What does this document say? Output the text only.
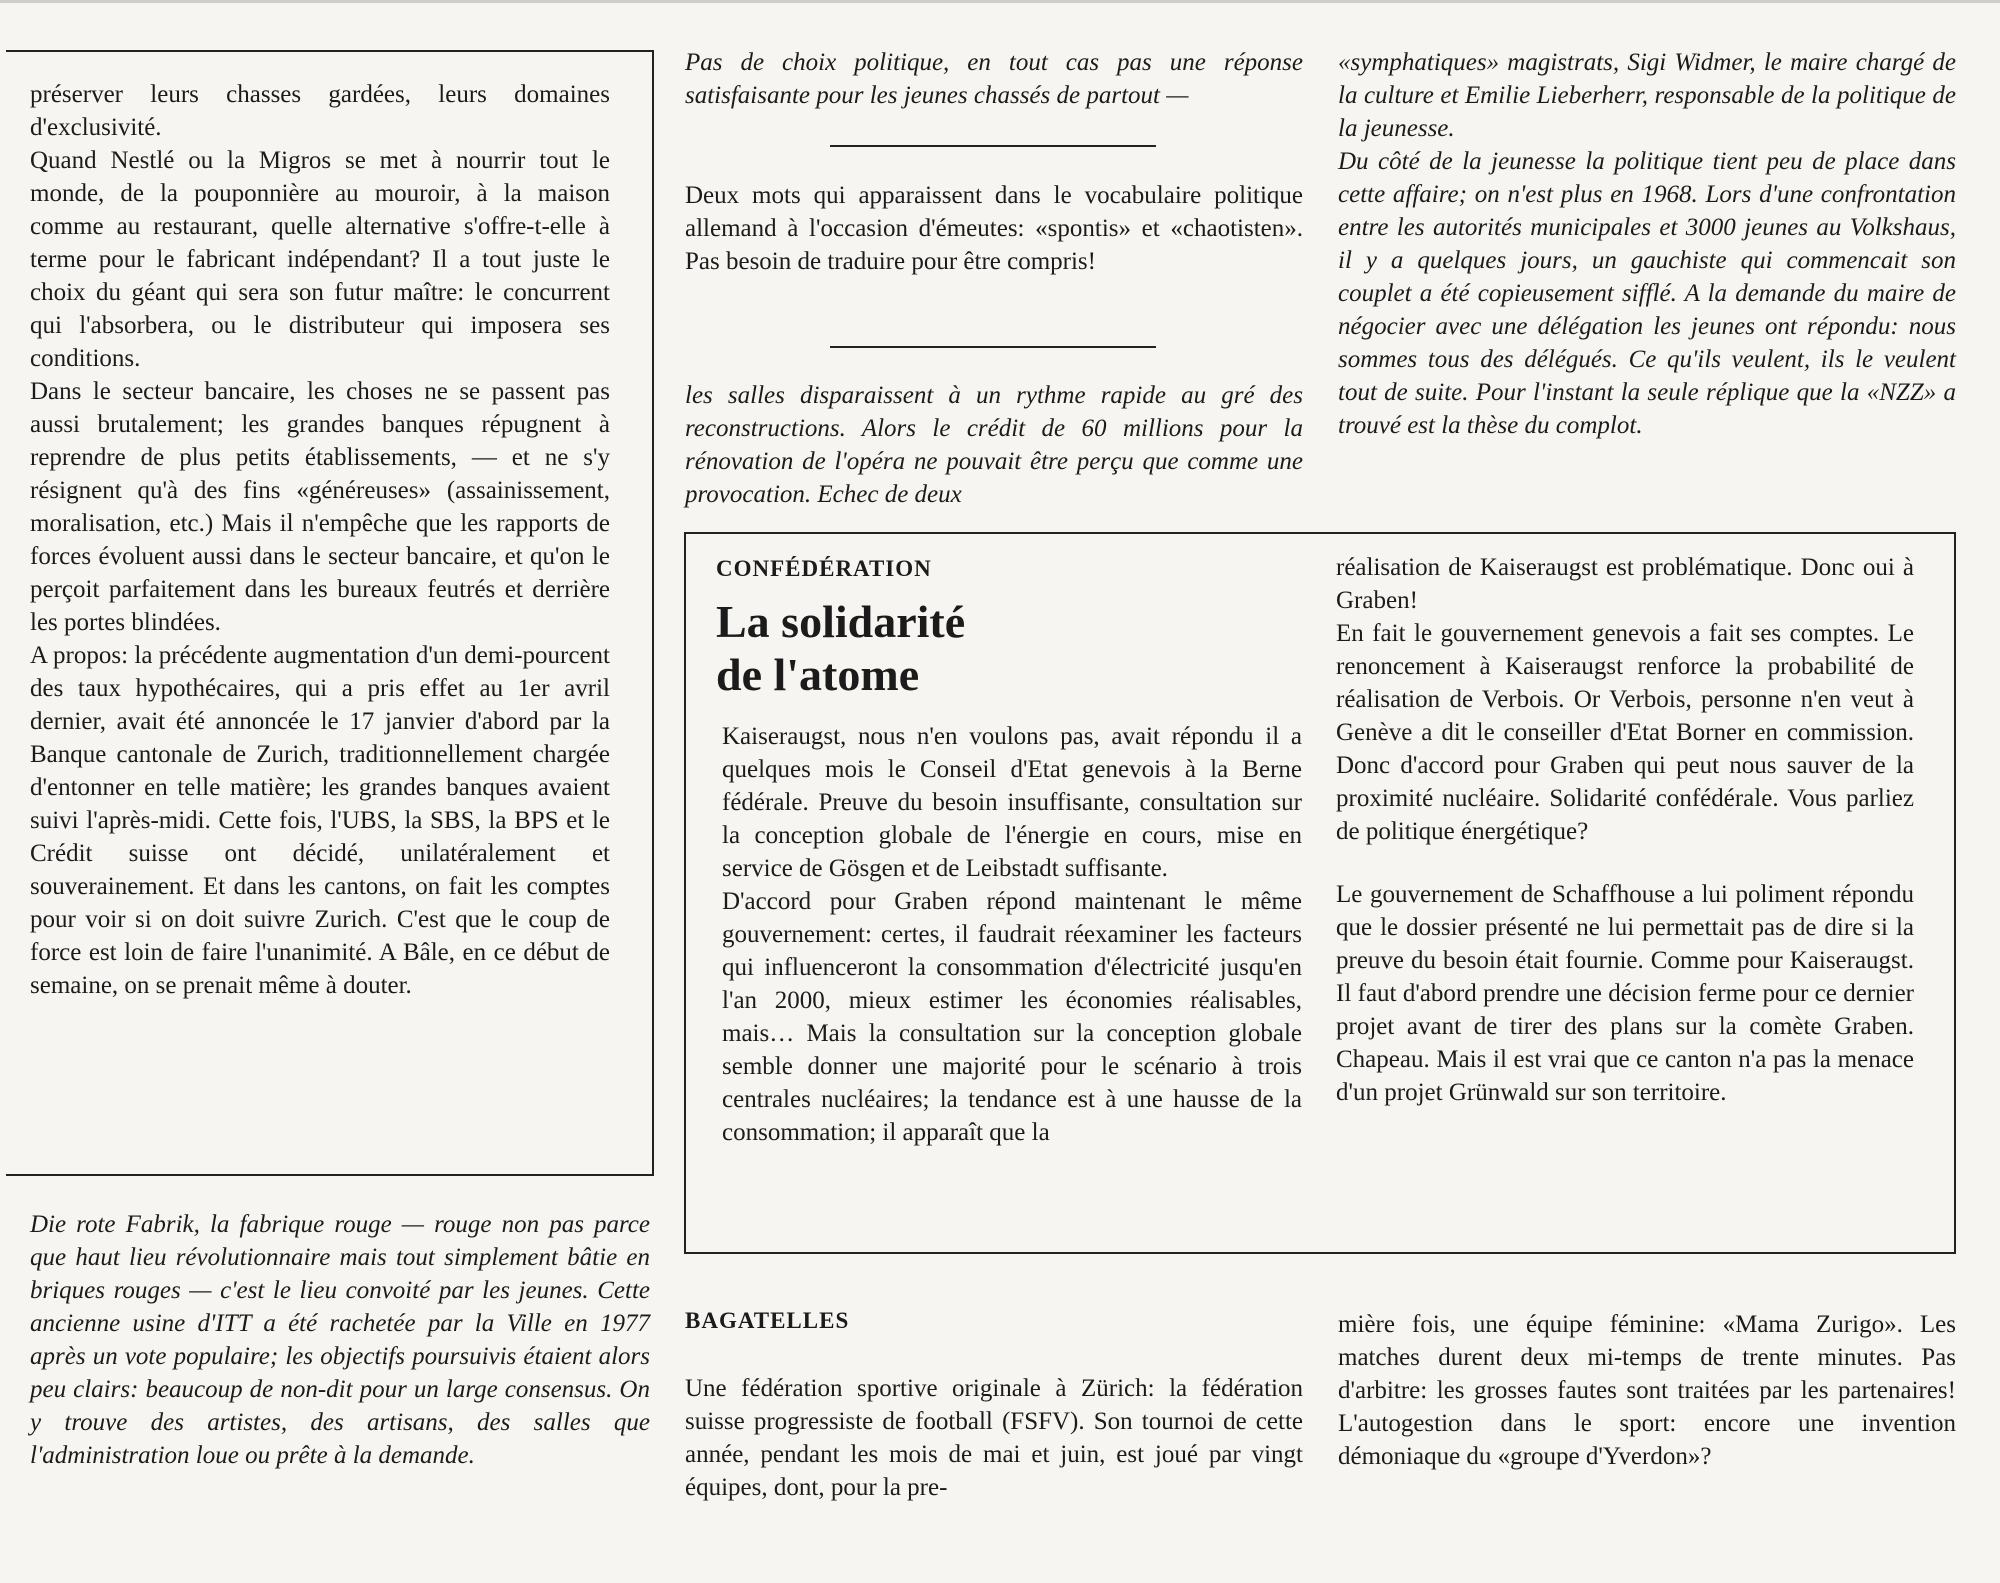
préserver leurs chasses gardées, leurs domaines d'exclusivité.

Quand Nestlé ou la Migros se met à nourrir tout le monde, de la pouponnière au mouroir, à la maison comme au restaurant, quelle alternative s'offre-t-elle à terme pour le fabricant indépendant? Il a tout juste le choix du géant qui sera son futur maître: le concurrent qui l'absorbera, ou le distributeur qui imposera ses conditions.

Dans le secteur bancaire, les choses ne se passent pas aussi brutalement; les grandes banques répugnent à reprendre de plus petits établissements, — et ne s'y résignent qu'à des fins «généreuses» (assainissement, moralisation, etc.) Mais il n'empêche que les rapports de forces évoluent aussi dans le secteur bancaire, et qu'on le perçoit parfaitement dans les bureaux feutrés et derrière les portes blindées.

A propos: la précédente augmentation d'un demi-pourcent des taux hypothécaires, qui a pris effet au 1er avril dernier, avait été annoncée le 17 janvier d'abord par la Banque cantonale de Zurich, traditionnellement chargée d'entonner en telle matière; les grandes banques avaient suivi l'après-midi. Cette fois, l'UBS, la SBS, la BPS et le Crédit suisse ont décidé, unilatéralement et souverainement. Et dans les cantons, on fait les comptes pour voir si on doit suivre Zurich. C'est que le coup de force est loin de faire l'unanimité. A Bâle, en ce début de semaine, on se prenait même à douter.

Die rote Fabrik, la fabrique rouge — rouge non pas parce que haut lieu révolutionnaire mais tout simplement bâtie en briques rouges — c'est le lieu convoité par les jeunes. Cette ancienne usine d'ITT a été rachetée par la Ville en 1977 après un vote populaire; les objectifs poursuivis étaient alors peu clairs: beaucoup de non-dit pour un large consensus. On y trouve des artistes, des artisans, des salles que l'administration loue ou prête à la demande.

Pas de choix politique, en tout cas pas une réponse satisfaisante pour les jeunes chassés de partout —

Deux mots qui apparaissent dans le vocabulaire politique allemand à l'occasion d'émeutes: «spontis» et «chaotisten». Pas besoin de traduire pour être compris!

les salles disparaissent à un rythme rapide au gré des reconstructions. Alors le crédit de 60 millions pour la rénovation de l'opéra ne pouvait être perçu que comme une provocation. Echec de deux

«symphatiques» magistrats, Sigi Widmer, le maire chargé de la culture et Emilie Lieberherr, responsable de la politique de la jeunesse.

Du côté de la jeunesse la politique tient peu de place dans cette affaire; on n'est plus en 1968. Lors d'une confrontation entre les autorités municipales et 3000 jeunes au Volkshaus, il y a quelques jours, un gauchiste qui commencait son couplet a été copieusement sifflé. A la demande du maire de négocier avec une délégation les jeunes ont répondu: nous sommes tous des délégués. Ce qu'ils veulent, ils le veulent tout de suite. Pour l'instant la seule réplique que la «NZZ» a trouvé est la thèse du complot.

CONFÉDÉRATION
La solidarité
de l'atome

Kaiseraugst, nous n'en voulons pas, avait répondu il a quelques mois le Conseil d'Etat genevois à la Berne fédérale. Preuve du besoin insuffisante, consultation sur la conception globale de l'énergie en cours, mise en service de Gösgen et de Leibstadt suffisante.

D'accord pour Graben répond maintenant le même gouvernement: certes, il faudrait réexaminer les facteurs qui influenceront la consommation d'électricité jusqu'en l'an 2000, mieux estimer les économies réalisables, mais… Mais la consultation sur la conception globale semble donner une majorité pour le scénario à trois centrales nucléaires; la tendance est à une hausse de la consommation; il apparaît que la

réalisation de Kaiseraugst est problématique. Donc oui à Graben!

En fait le gouvernement genevois a fait ses comptes. Le renoncement à Kaiseraugst renforce la probabilité de réalisation de Verbois. Or Verbois, personne n'en veut à Genève a dit le conseiller d'Etat Borner en commission. Donc d'accord pour Graben qui peut nous sauver de la proximité nucléaire. Solidarité confédérale. Vous parliez de politique énergétique?

Le gouvernement de Schaffhouse a lui poliment répondu que le dossier présenté ne lui permettait pas de dire si la preuve du besoin était fournie. Comme pour Kaiseraugst. Il faut d'abord prendre une décision ferme pour ce dernier projet avant de tirer des plans sur la comète Graben. Chapeau. Mais il est vrai que ce canton n'a pas la menace d'un projet Grünwald sur son territoire.

BAGATELLES

Une fédération sportive originale à Zürich: la fédération suisse progressiste de football (FSFV). Son tournoi de cette année, pendant les mois de mai et juin, est joué par vingt équipes, dont, pour la pre-

mière fois, une équipe féminine: «Mama Zurigo». Les matches durent deux mi-temps de trente minutes. Pas d'arbitre: les grosses fautes sont traitées par les partenaires! L'autogestion dans le sport: encore une invention démoniaque du «groupe d'Yverdon»?
